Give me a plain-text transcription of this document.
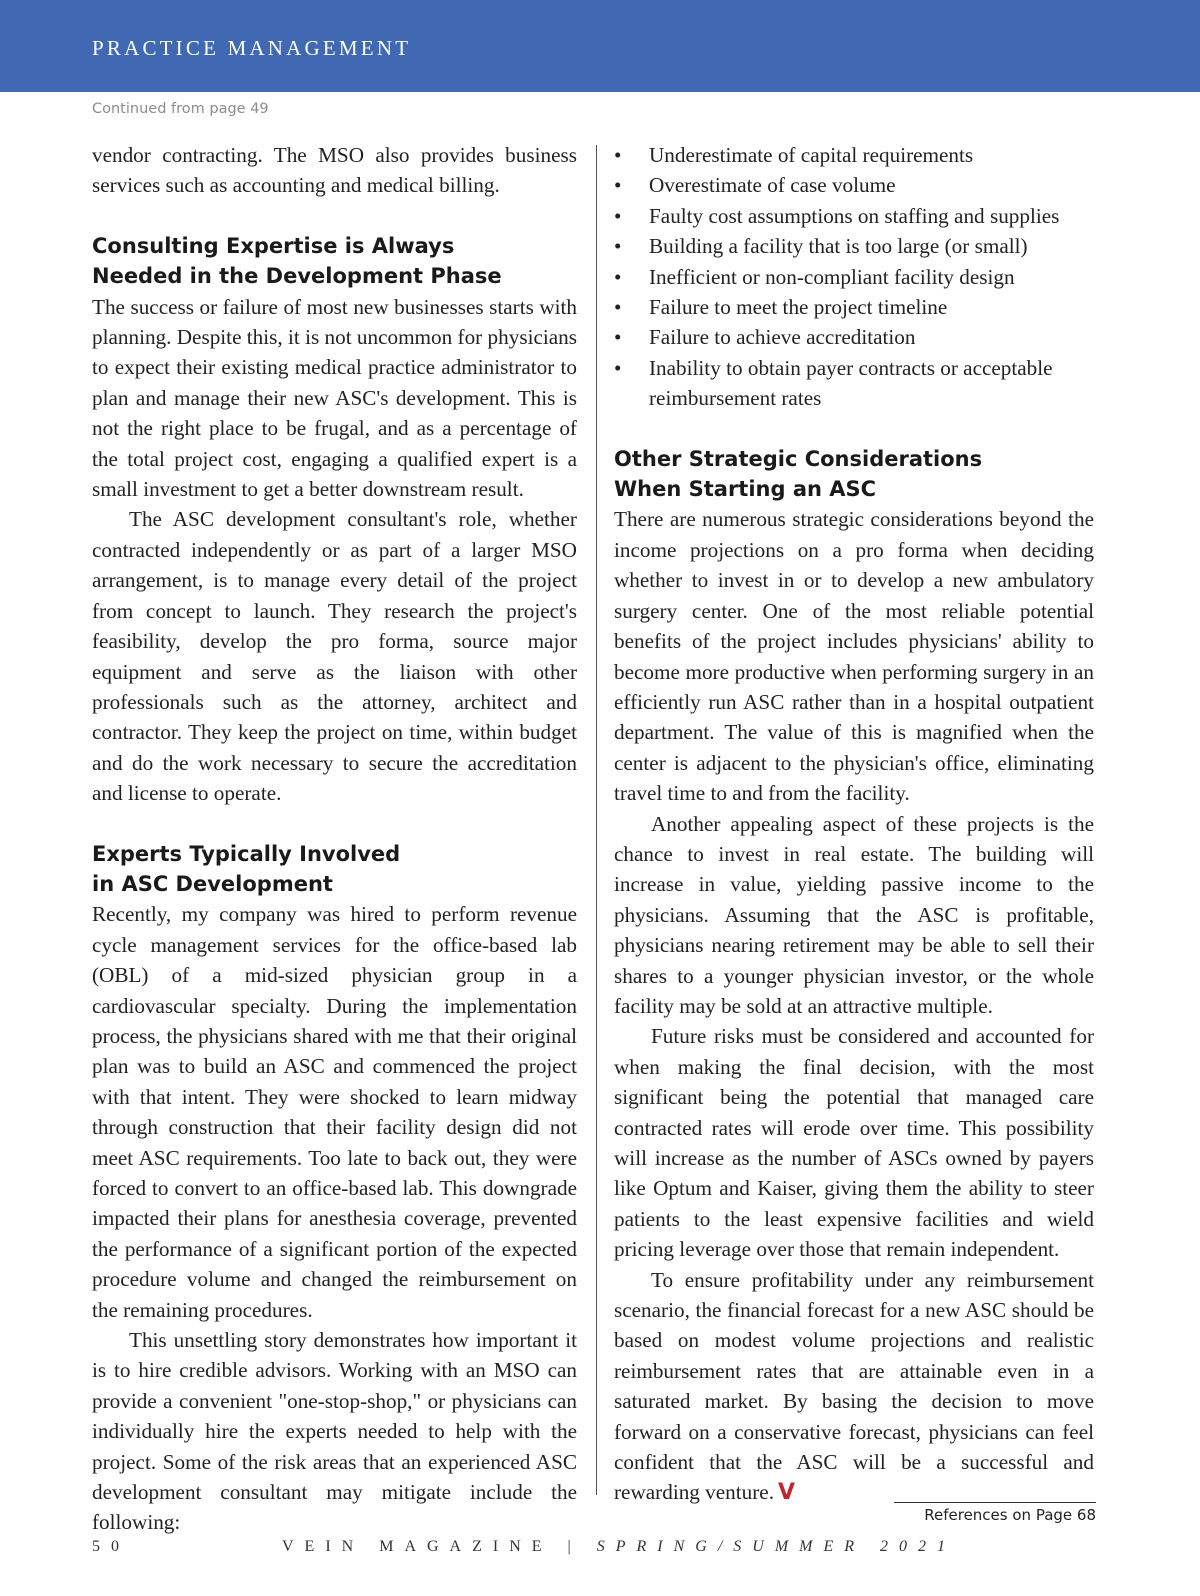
PRACTICE MANAGEMENT
Continued from page 49

vendor contracting. The MSO also provides business services such as accounting and medical billing.

Consulting Expertise is Always
Needed in the Development Phase

The success or failure of most new businesses starts with planning. Despite this, it is not uncommon for physicians to expect their existing medical practice administrator to plan and manage their new ASC's development. This is not the right place to be frugal, and as a percentage of the total project cost, engaging a qualified expert is a small investment to get a better downstream result.

The ASC development consultant's role, whether contracted independently or as part of a larger MSO arrangement, is to manage every detail of the project from concept to launch. They research the project's feasibility, develop the pro forma, source major equipment and serve as the liaison with other professionals such as the attorney, architect and contractor. They keep the project on time, within budget and do the work necessary to secure the accreditation and license to operate.

Experts Typically Involved
in ASC Development

Recently, my company was hired to perform revenue cycle management services for the office-based lab (OBL) of a mid-sized physician group in a cardiovascular specialty. During the implementation process, the physicians shared with me that their original plan was to build an ASC and commenced the project with that intent. They were shocked to learn midway through construction that their facility design did not meet ASC requirements. Too late to back out, they were forced to convert to an office-based lab. This downgrade impacted their plans for anesthesia coverage, prevented the performance of a significant portion of the expected procedure volume and changed the reimbursement on the remaining procedures.

This unsettling story demonstrates how important it is to hire credible advisors. Working with an MSO can provide a convenient "one-stop-shop," or physicians can individually hire the experts needed to help with the project. Some of the risk areas that an experienced ASC development consultant may mitigate include the following:

• Underestimate of capital requirements
• Overestimate of case volume
• Faulty cost assumptions on staffing and supplies
• Building a facility that is too large (or small)
• Inefficient or non-compliant facility design
• Failure to meet the project timeline
• Failure to achieve accreditation
• Inability to obtain payer contracts or acceptable reimbursement rates
Other Strategic Considerations
When Starting an ASC

There are numerous strategic considerations beyond the income projections on a pro forma when deciding whether to invest in or to develop a new ambulatory surgery center. One of the most reliable potential benefits of the project includes physicians' ability to become more productive when performing surgery in an efficiently run ASC rather than in a hospital outpatient department. The value of this is magnified when the center is adjacent to the physician's office, eliminating travel time to and from the facility.

Another appealing aspect of these projects is the chance to invest in real estate. The building will increase in value, yielding passive income to the physicians. Assuming that the ASC is profitable, physicians nearing retirement may be able to sell their shares to a younger physician investor, or the whole facility may be sold at an attractive multiple.

Future risks must be considered and accounted for when making the final decision, with the most significant being the potential that managed care contracted rates will erode over time. This possibility will increase as the number of ASCs owned by payers like Optum and Kaiser, giving them the ability to steer patients to the least expensive facilities and wield pricing leverage over those that remain independent.

To ensure profitability under any reimbursement scenario, the financial forecast for a new ASC should be based on modest volume projections and realistic reimbursement rates that are attainable even in a saturated market. By basing the decision to move forward on a conservative forecast, physicians can feel confident that the ASC will be a successful and rewarding venture. V

References on Page 68
50	VEIN MAGAZINE | SPRING/SUMMER 2021
